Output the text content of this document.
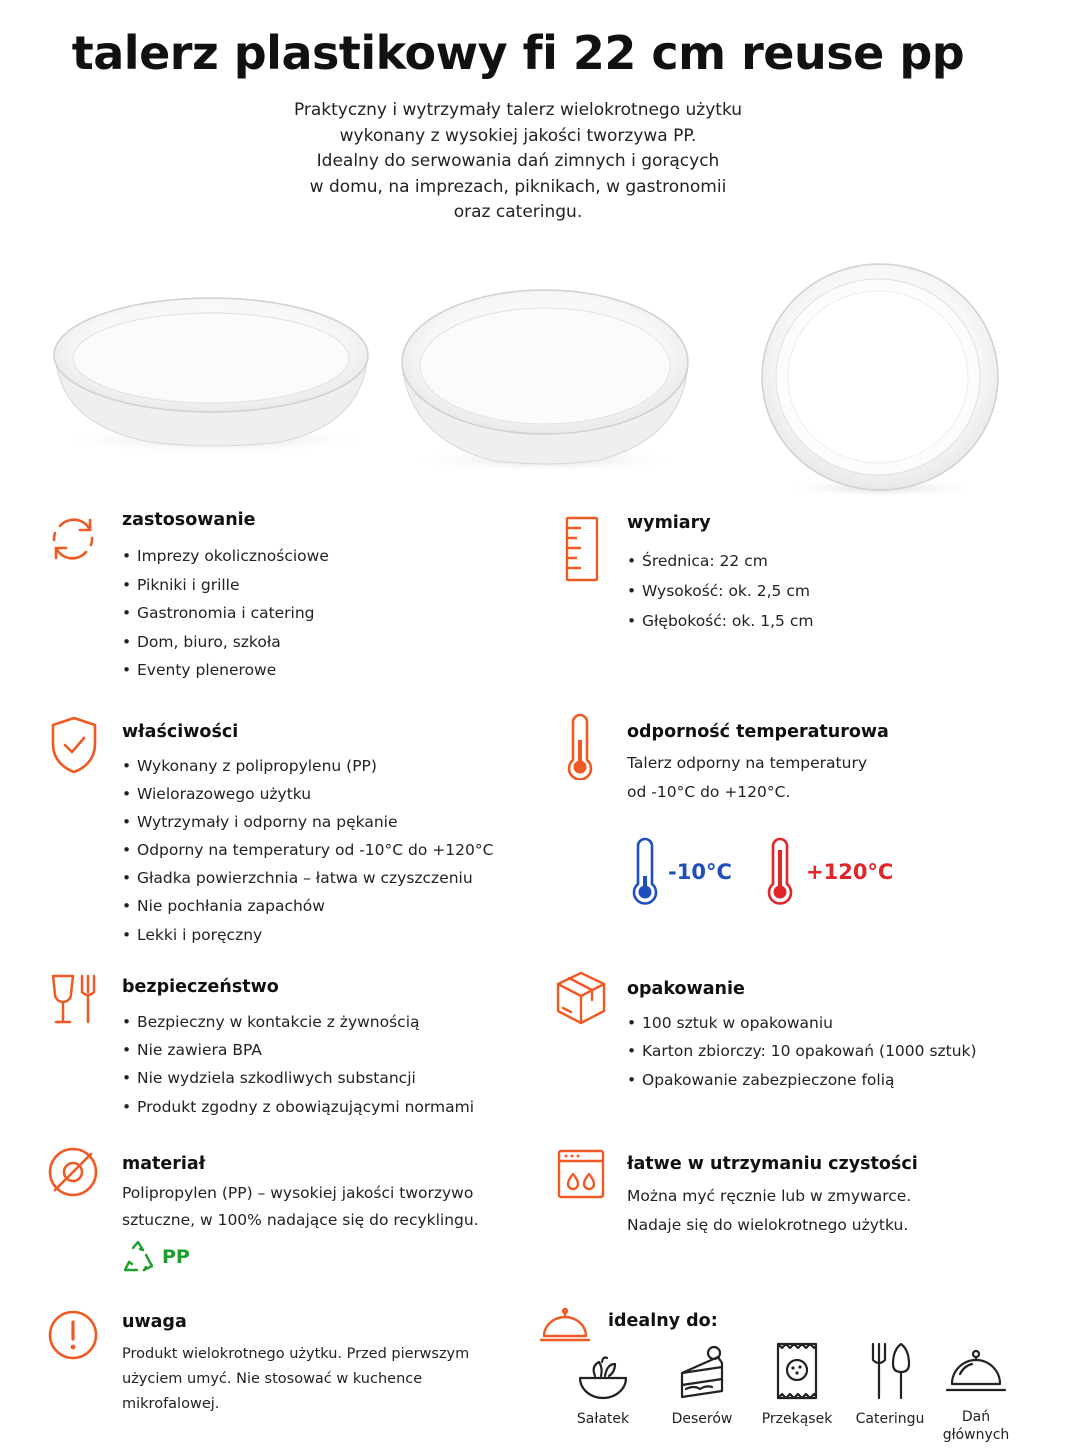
talerz plastikowy fi 22 cm reuse pp
Praktyczny i wytrzymały talerz wielokrotnego użytku
wykonany z wysokiej jakości tworzywa PP.
Idealny do serwowania dań zimnych i gorących
w domu, na imprezach, piknikach, w gastronomii
oraz cateringu.
zastosowanie
• Imprezy okolicznościowe
• Pikniki i grille
• Gastronomia i catering
• Dom, biuro, szkoła
• Eventy plenerowe
wymiary
• Średnica: 22 cm
• Wysokość: ok. 2,5 cm
• Głębokość: ok. 1,5 cm
właściwości
• Wykonany z polipropylenu (PP)
• Wielorazowego użytku
• Wytrzymały i odporny na pękanie
• Odporny na temperatury od -10°C do +120°C
• Gładka powierzchnia – łatwa w czyszczeniu
• Nie pochłania zapachów
• Lekki i poręczny
odporność temperaturowa
Talerz odporny na temperatury
od -10°C do +120°C.
-10°C	+120°C
bezpieczeństwo
• Bezpieczny w kontakcie z żywnością
• Nie zawiera BPA
• Nie wydziela szkodliwych substancji
• Produkt zgodny z obowiązującymi normami
opakowanie
• 100 sztuk w opakowaniu
• Karton zbiorczy: 10 opakowań (1000 sztuk)
• Opakowanie zabezpieczone folią
materiał
Polipropylen (PP) – wysokiej jakości tworzywo
sztuczne, w 100% nadające się do recyklingu.
PP
łatwe w utrzymaniu czystości
Można myć ręcznie lub w zmywarce.
Nadaje się do wielokrotnego użytku.
uwaga
Produkt wielokrotnego użytku. Przed pierwszym
użyciem umyć. Nie stosować w kuchence
mikrofalowej.
idealny do:
Sałatek	Deserów	Przekąsek	Cateringu	Dań
głównych
